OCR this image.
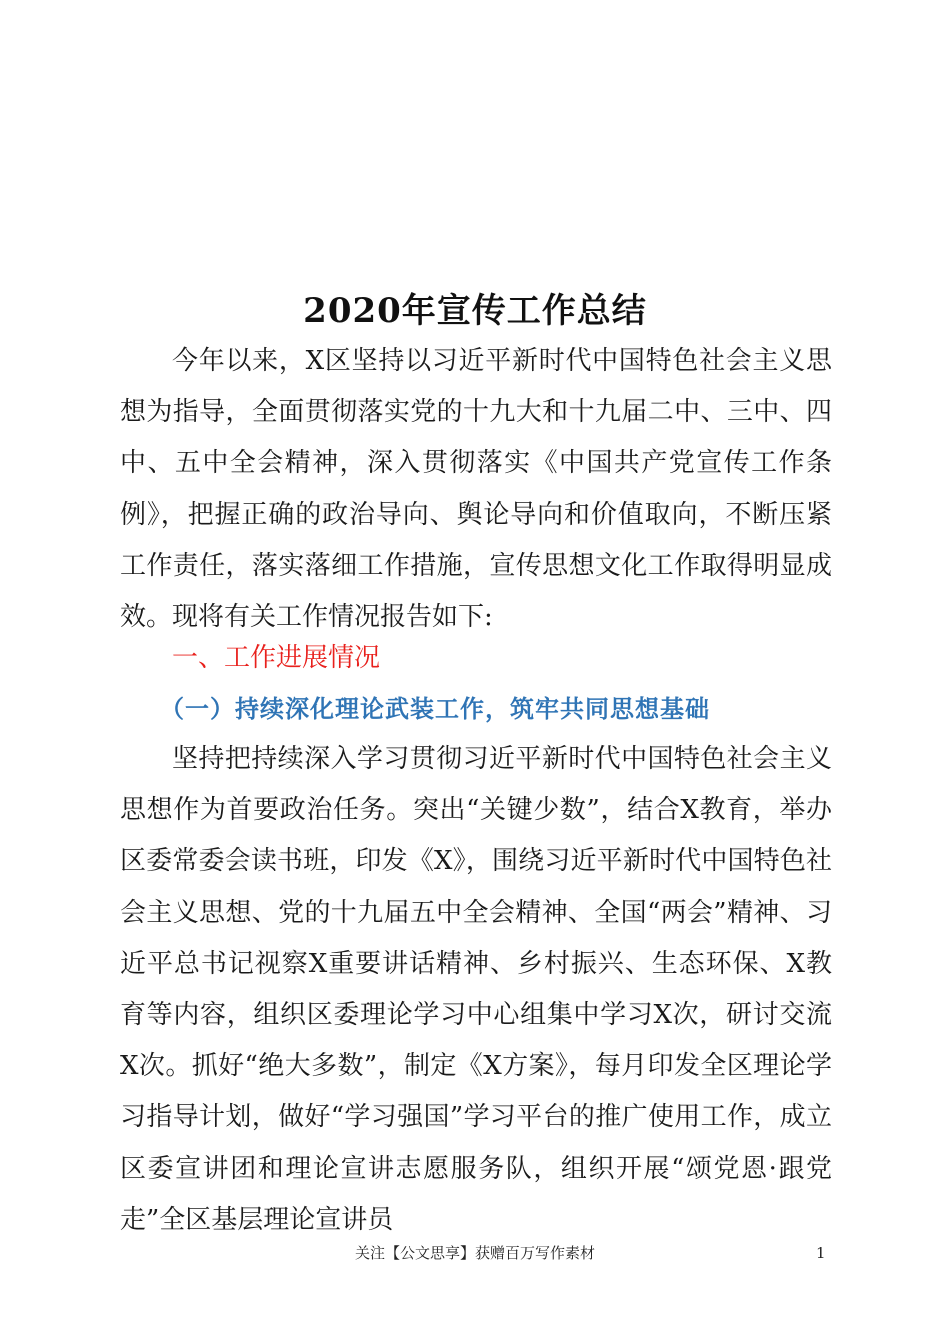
2020年宣传工作总结

今年以来，X区坚持以习近平新时代中国特色社会主义思想为指导，全面贯彻落实党的十九大和十九届二中、三中、四中、五中全会精神，深入贯彻落实《中国共产党宣传工作条例》，把握正确的政治导向、舆论导向和价值取向，不断压紧工作责任，落实落细工作措施，宣传思想文化工作取得明显成效。现将有关工作情况报告如下:

一、工作进展情况
（一）持续深化理论武装工作，筑牢共同思想基础

坚持把持续深入学习贯彻习近平新时代中国特色社会主义思想作为首要政治任务。突出“关键少数”，结合X教育，举办区委常委会读书班，印发《X》，围绕习近平新时代中国特色社会主义思想、党的十九届五中全会精神、全国“两会”精神、习近平总书记视察X重要讲话精神、乡村振兴、生态环保、X教育等内容，组织区委理论学习中心组集中学习X次，研讨交流X次。抓好“绝大多数”，制定《X方案》，每月印发全区理论学习指导计划，做好“学习强国”学习平台的推广使用工作，成立区委宣讲团和理论宣讲志愿服务队，组织开展“颂党恩·跟党走”全区基层理论宣讲员

关注【公文思享】获赠百万写作素材	1
